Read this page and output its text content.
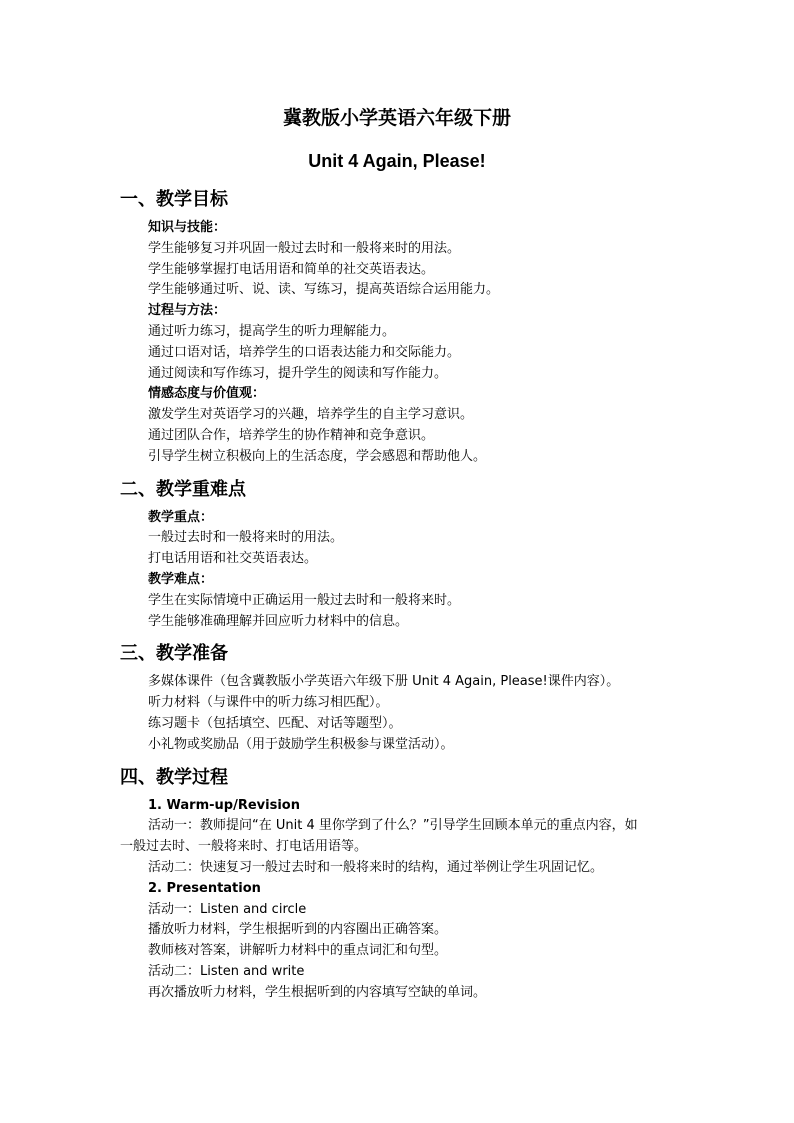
冀教版小学英语六年级下册
Unit 4 Again, Please!
一、教学目标
知识与技能：
学生能够复习并巩固一般过去时和一般将来时的用法。
学生能够掌握打电话用语和简单的社交英语表达。
学生能够通过听、说、读、写练习，提高英语综合运用能力。
过程与方法：
通过听力练习，提高学生的听力理解能力。
通过口语对话，培养学生的口语表达能力和交际能力。
通过阅读和写作练习，提升学生的阅读和写作能力。
情感态度与价值观：
激发学生对英语学习的兴趣，培养学生的自主学习意识。
通过团队合作，培养学生的协作精神和竞争意识。
引导学生树立积极向上的生活态度，学会感恩和帮助他人。
二、教学重难点
教学重点：
一般过去时和一般将来时的用法。
打电话用语和社交英语表达。
教学难点：
学生在实际情境中正确运用一般过去时和一般将来时。
学生能够准确理解并回应听力材料中的信息。
三、教学准备
多媒体课件（包含冀教版小学英语六年级下册 Unit 4 Again, Please!课件内容）。
听力材料（与课件中的听力练习相匹配）。
练习题卡（包括填空、匹配、对话等题型）。
小礼物或奖励品（用于鼓励学生积极参与课堂活动）。
四、教学过程
1. Warm-up/Revision
活动一：教师提问“在 Unit 4 里你学到了什么？”引导学生回顾本单元的重点内容，如
一般过去时、一般将来时、打电话用语等。
活动二：快速复习一般过去时和一般将来时的结构，通过举例让学生巩固记忆。
2. Presentation
活动一：Listen and circle
播放听力材料，学生根据听到的内容圈出正确答案。
教师核对答案，讲解听力材料中的重点词汇和句型。
活动二：Listen and write
再次播放听力材料，学生根据听到的内容填写空缺的单词。
